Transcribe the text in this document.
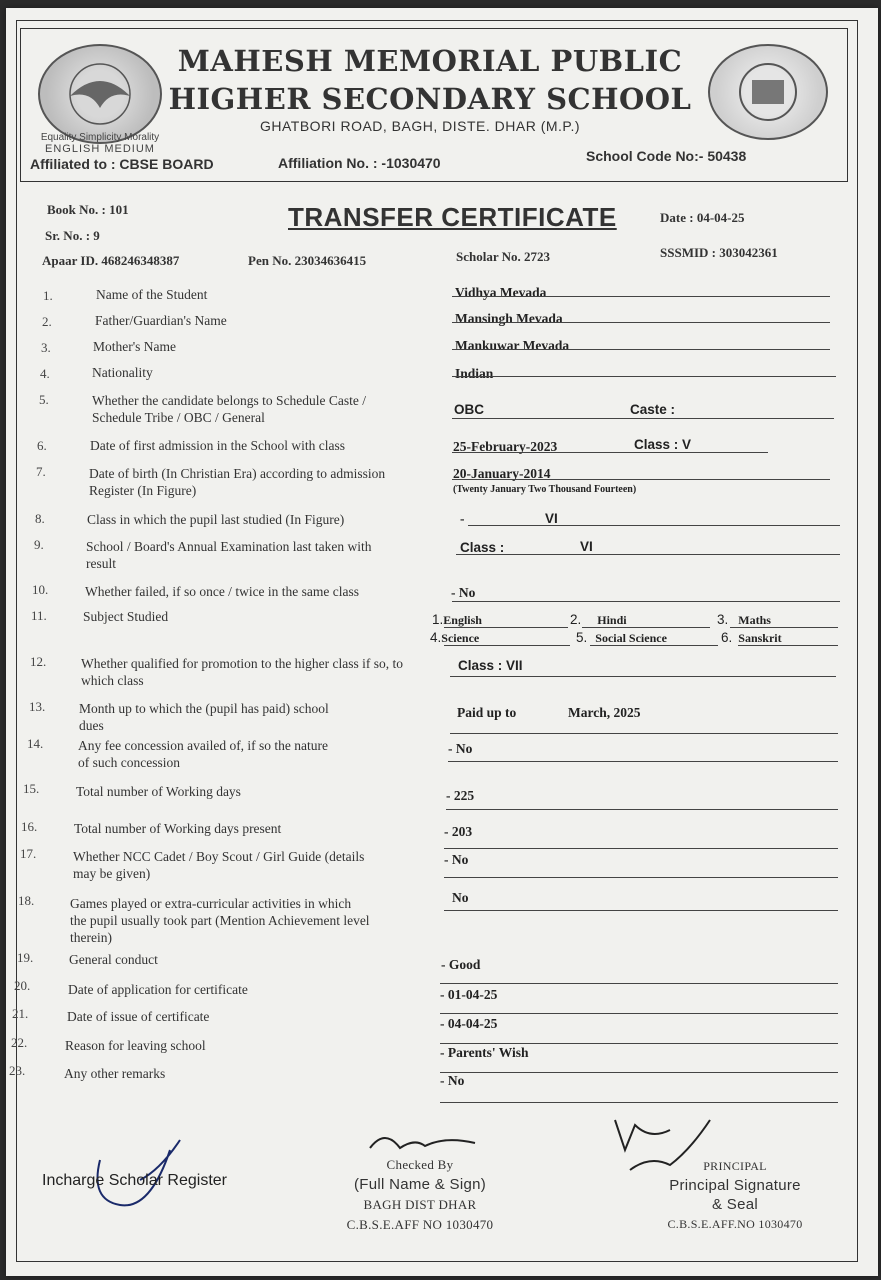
Equality Simplicity Morality
ENGLISH MEDIUM
MAHESH MEMORIAL PUBLIC
HIGHER SECONDARY SCHOOL
GHATBORI ROAD, BAGH, DISTE. DHAR (M.P.)
Affiliated to : CBSE BOARD	Affiliation No. : -1030470	School Code No:- 50438
Book No. : 101
Sr. No. : 9
Apaar ID. 468246348387	Pen No. 23034636415	Scholar No. 2723
Date : 04-04-25
SSSMID : 303042361
TRANSFER CERTIFICATE
1.	Name of the Student	Vidhya Mevada
2.	Father/Guardian's Name	Mansingh Mevada
3.	Mother's Name	Mankuwar Mevada
4.	Nationality	Indian
5.	Whether the candidate belongs to Schedule Caste / Schedule Tribe / OBC / General
OBC	Caste :
6.	Date of first admission in the School with class	25-February-2023	Class : V
7.	Date of birth (In Christian Era) according to admission Register (In Figure)
20-January-2014
(Twenty January Two Thousand Fourteen)
8.	Class in which the pupil last studied (In Figure)	-	VI
9.	School / Board's Annual Examination last taken with result
Class :	VI
10.	Whether failed, if so once / twice in the same class	- No
11.	Subject Studied	1.English	2. Hindi	3. Maths
4.Science	5. Social Science	6. Sanskrit
12.	Whether qualified for promotion to the higher class if so, to which class
Class : VII
13.	Month up to which the (pupil has paid) school dues
Paid up to	March, 2025
14.	Any fee concession availed of, if so the nature of such concession
- No
15.	Total number of Working days	- 225
16.	Total number of Working days present	- 203
17.	Whether NCC Cadet / Boy Scout / Girl Guide (details may be given)
- No
18.	Games played or extra-curricular activities in which the pupil usually took part (Mention Achievement level therein)
No
19.	General conduct	- Good
20.	Date of application for certificate	- 01-04-25
21.	Date of issue of certificate	- 04-04-25
22.	Reason for leaving school	- Parents' Wish
23.	Any other remarks	- No
Incharge Scholar Register
Checked By
(Full Name & Sign)
BAGH DIST DHAR
C.B.S.E.AFF NO 1030470
PRINCIPAL
Principal Signature
& Seal
C.B.S.E.AFF.NO 1030470
